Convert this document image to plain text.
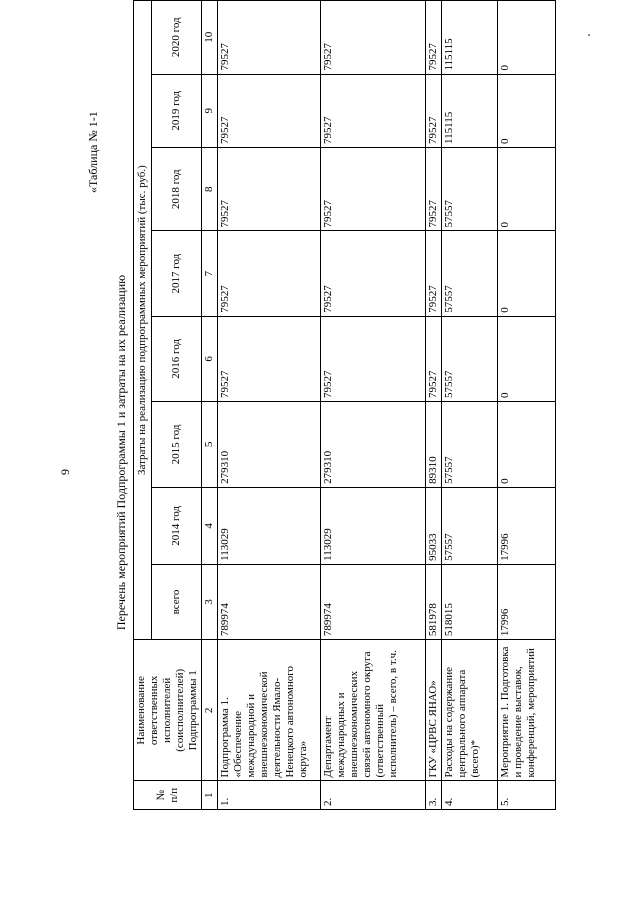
9
«Таблица № 1-1
Перечень мероприятий Подпрограммы 1 и затраты на их реализацию
№ п/п	Наименование ответственных исполнителей (соисполнителей) Подпрограммы 1	Затраты на реализацию подпрограммных мероприятий (тыс. руб.)							
		всего	2014 год	2015 год	2016 год	2017 год	2018 год	2019 год	2020 год
1	2	3	4	5	6	7	8	9	10
1.	Подпрограмма 1. «Обеспечение международной и внешнеэкономической деятельности Ямало-Ненецкого автономного округа»	789974	113029	279310	79527	79527	79527	79527	79527
2.	Департамент международных и внешнеэкономических связей автономного округа (ответственный исполнитель) – всего, в т.ч.	789974	113029	279310	79527	79527	79527	79527	79527
3.	ГКУ «ЦРВС ЯНАО»	581978	95033	89310	79527	79527	79527	79527	79527
4.	Расходы на содержание центрального аппарата (всего)*	518015	57557	57557	57557	57557	57557	115115	115115
5.	Мероприятие 1. Подготовка и проведение выставок, конференций, мероприятий	17996	17996	0	0	0	0	0	0
